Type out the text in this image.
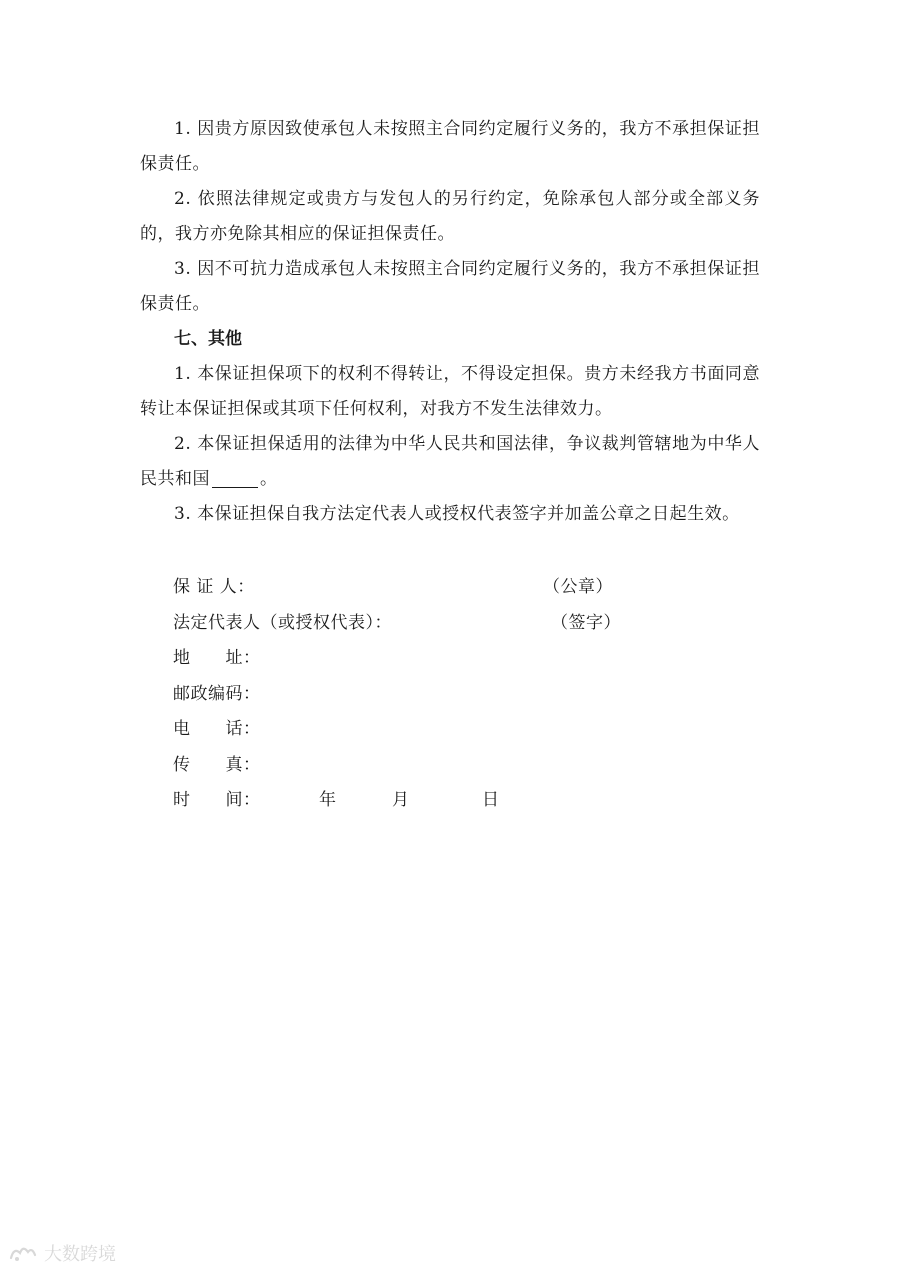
1. 因贵方原因致使承包人未按照主合同约定履行义务的，我方不承担保证担保责任。

2. 依照法律规定或贵方与发包人的另行约定，免除承包人部分或全部义务的，我方亦免除其相应的保证担保责任。

3. 因不可抗力造成承包人未按照主合同约定履行义务的，我方不承担保证担保责任。

七、其他

1. 本保证担保项下的权利不得转让，不得设定担保。贵方未经我方书面同意转让本保证担保或其项下任何权利，对我方不发生法律效力。

2. 本保证担保适用的法律为中华人民共和国法律，争议裁判管辖地为中华人民共和国	。

3. 本保证担保自我方法定代表人或授权代表签字并加盖公章之日起生效。

保 证 人：	（公章）
法定代表人（或授权代表）：	（签字）
地　　址：
邮政编码：
电　　话：
传　　真：
时　　间：	年	月	日
大数跨境
